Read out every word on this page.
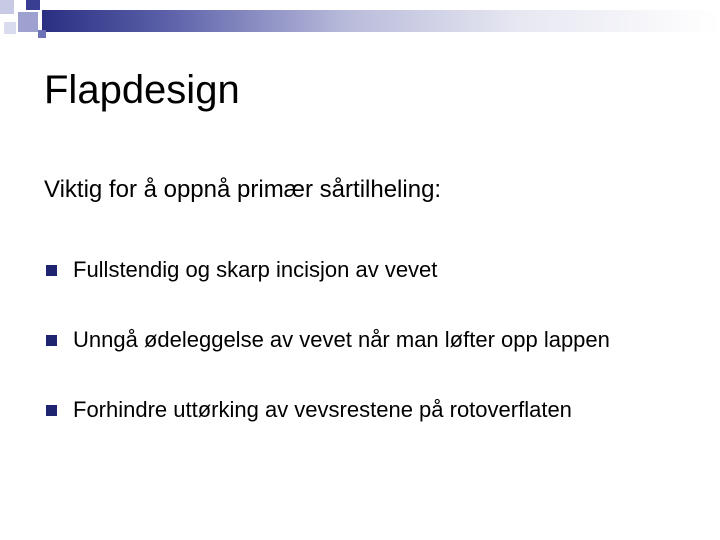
Flapdesign
Viktig for å oppnå primær sårtilheling:
Fullstendig og skarp incisjon av vevet
Unngå ødeleggelse av vevet når man løfter opp lappen
Forhindre uttørking av vevsrestene på rotoverflaten
